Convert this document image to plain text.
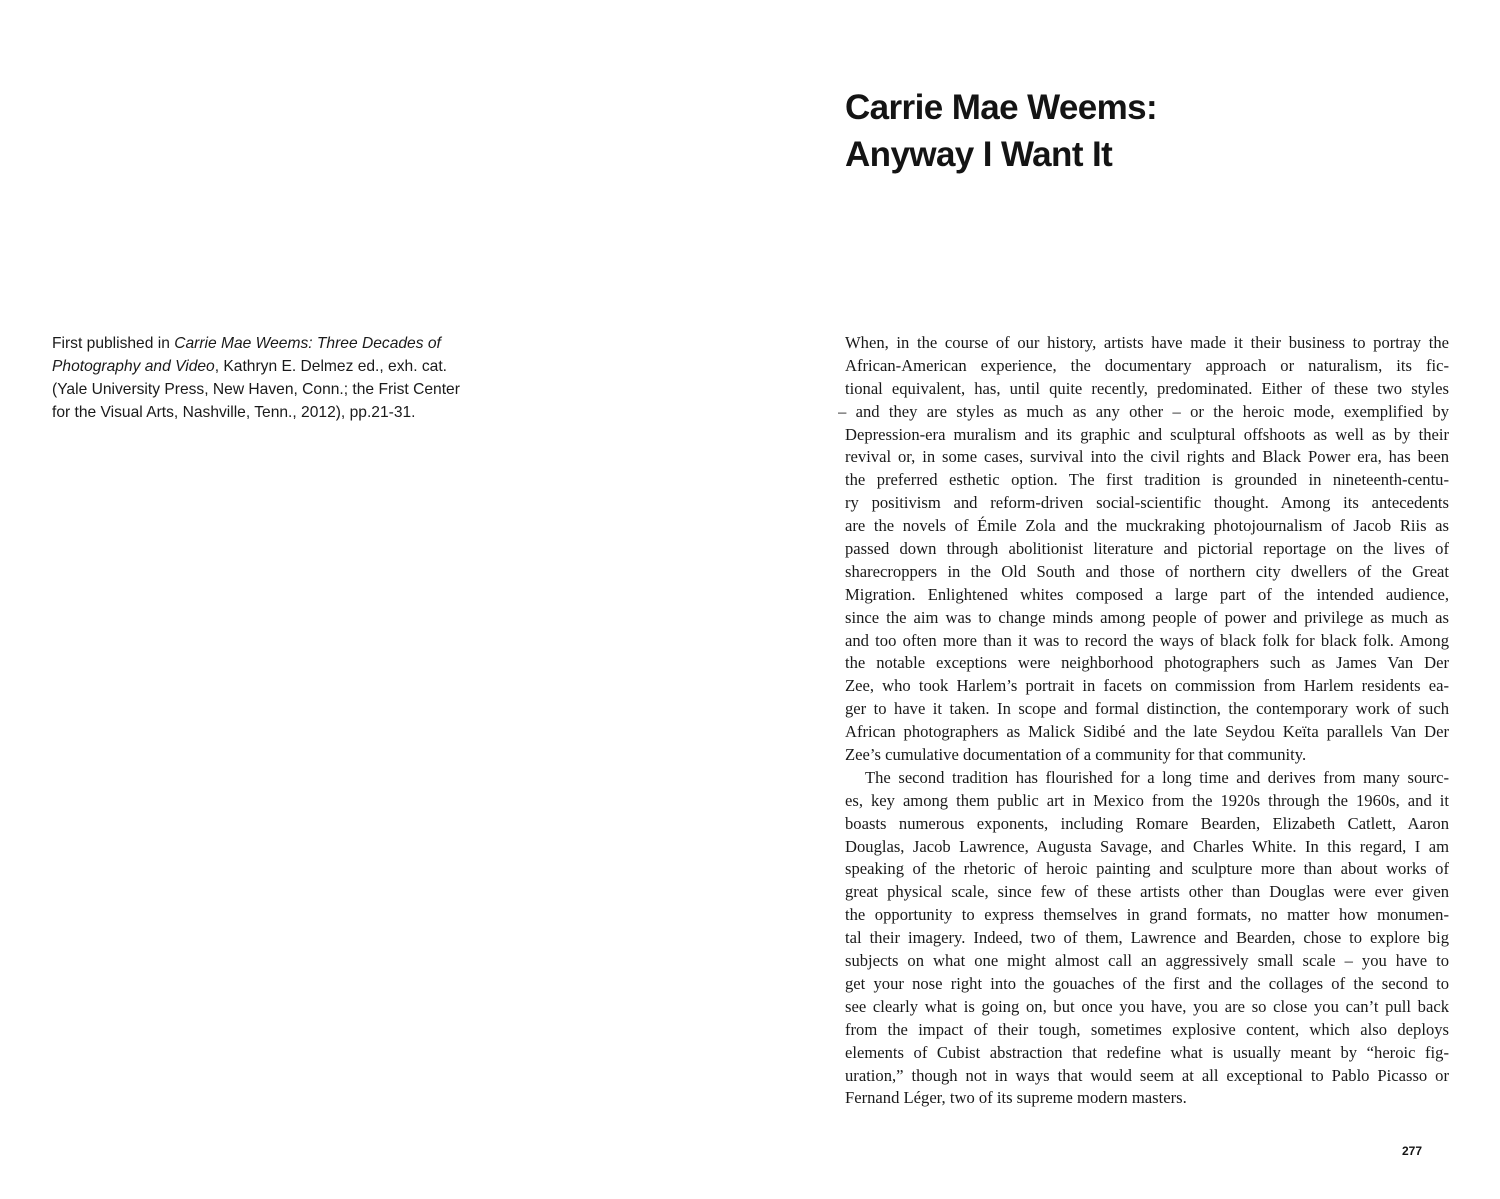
Carrie Mae Weems:
Anyway I Want It
First published in Carrie Mae Weems: Three Decades of
Photography and Video, Kathryn E. Delmez ed., exh. cat.
(Yale University Press, New Haven, Conn.; the Frist Center
for the Visual Arts, Nashville, Tenn., 2012), pp.21-31.
When, in the course of our history, artists have made it their business to portray the
African-American experience, the documentary approach or naturalism, its fic-
tional equivalent, has, until quite recently, predominated. Either of these two styles
– and they are styles as much as any other – or the heroic mode, exemplified by
Depression-era muralism and its graphic and sculptural offshoots as well as by their
revival or, in some cases, survival into the civil rights and Black Power era, has been
the preferred esthetic option. The first tradition is grounded in nineteenth-centu-
ry positivism and reform-driven social-scientific thought. Among its antecedents
are the novels of Émile Zola and the muckraking photojournalism of Jacob Riis as
passed down through abolitionist literature and pictorial reportage on the lives of
sharecroppers in the Old South and those of northern city dwellers of the Great
Migration. Enlightened whites composed a large part of the intended audience,
since the aim was to change minds among people of power and privilege as much as
and too often more than it was to record the ways of black folk for black folk. Among
the notable exceptions were neighborhood photographers such as James Van Der
Zee, who took Harlem’s portrait in facets on commission from Harlem residents ea-
ger to have it taken. In scope and formal distinction, the contemporary work of such
African photographers as Malick Sidibé and the late Seydou Keïta parallels Van Der
Zee’s cumulative documentation of a community for that community.
The second tradition has flourished for a long time and derives from many sourc-
es, key among them public art in Mexico from the 1920s through the 1960s, and it
boasts numerous exponents, including Romare Bearden, Elizabeth Catlett, Aaron
Douglas, Jacob Lawrence, Augusta Savage, and Charles White. In this regard, I am
speaking of the rhetoric of heroic painting and sculpture more than about works of
great physical scale, since few of these artists other than Douglas were ever given
the opportunity to express themselves in grand formats, no matter how monumen-
tal their imagery. Indeed, two of them, Lawrence and Bearden, chose to explore big
subjects on what one might almost call an aggressively small scale – you have to
get your nose right into the gouaches of the first and the collages of the second to
see clearly what is going on, but once you have, you are so close you can’t pull back
from the impact of their tough, sometimes explosive content, which also deploys
elements of Cubist abstraction that redefine what is usually meant by “heroic fig-
uration,” though not in ways that would seem at all exceptional to Pablo Picasso or
Fernand Léger, two of its supreme modern masters.
277
